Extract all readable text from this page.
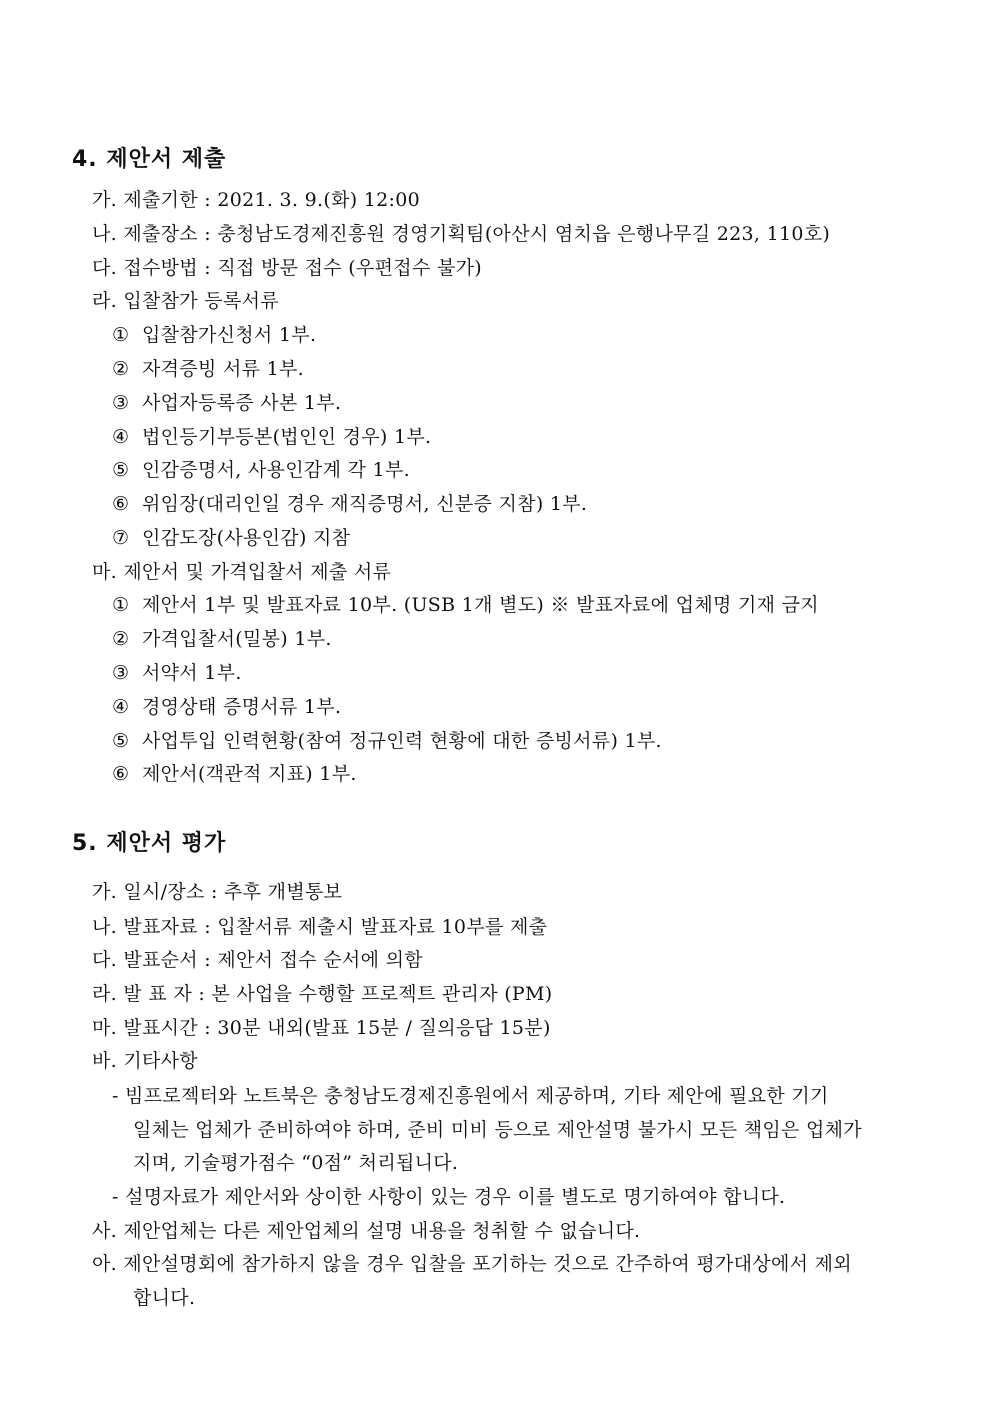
4. 제안서 제출
가. 제출기한 : 2021. 3. 9.(화) 12:00
나. 제출장소 : 충청남도경제진흥원 경영기획팀(아산시 염치읍 은행나무길 223, 110호)
다. 접수방법 : 직접 방문 접수 (우편접수 불가)
라. 입찰참가 등록서류
① 입찰참가신청서 1부.
② 자격증빙 서류 1부.
③ 사업자등록증 사본 1부.
④ 법인등기부등본(법인인 경우) 1부.
⑤ 인감증명서, 사용인감계 각 1부.
⑥ 위임장(대리인일 경우 재직증명서, 신분증 지참) 1부.
⑦ 인감도장(사용인감) 지참
마. 제안서 및 가격입찰서 제출 서류
① 제안서 1부 및 발표자료 10부. (USB 1개 별도) ※ 발표자료에 업체명 기재 금지
② 가격입찰서(밀봉) 1부.
③ 서약서 1부.
④ 경영상태 증명서류 1부.
⑤ 사업투입 인력현황(참여 정규인력 현황에 대한 증빙서류) 1부.
⑥ 제안서(객관적 지표) 1부.
5. 제안서 평가
가. 일시/장소 : 추후 개별통보
나. 발표자료 : 입찰서류 제출시 발표자료 10부를 제출
다. 발표순서 : 제안서 접수 순서에 의함
라. 발 표 자 : 본 사업을 수행할 프로젝트 관리자 (PM)
마. 발표시간 : 30분 내외(발표 15분 / 질의응답 15분)
바. 기타사항
- 빔프로젝터와 노트북은 충청남도경제진흥원에서 제공하며, 기타 제안에 필요한 기기
일체는 업체가 준비하여야 하며, 준비 미비 등으로 제안설명 불가시 모든 책임은 업체가
지며, 기술평가점수 “0점” 처리됩니다.
- 설명자료가 제안서와 상이한 사항이 있는 경우 이를 별도로 명기하여야 합니다.
사. 제안업체는 다른 제안업체의 설명 내용을 청취할 수 없습니다.
아. 제안설명회에 참가하지 않을 경우 입찰을 포기하는 것으로 간주하여 평가대상에서 제외
합니다.
